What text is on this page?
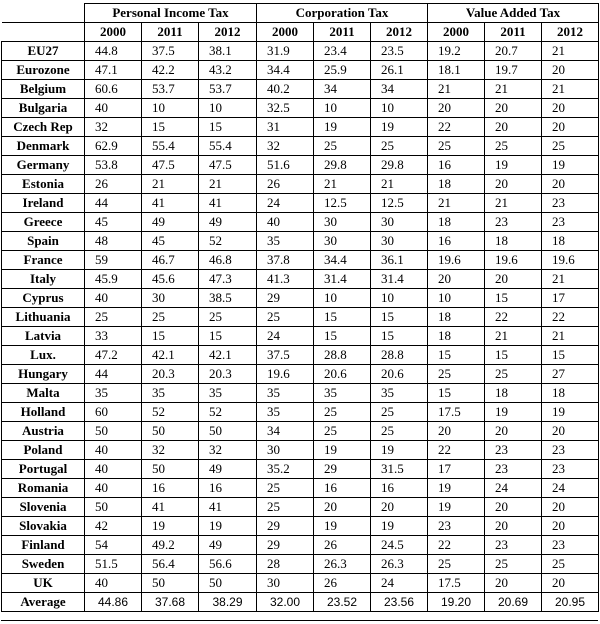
	Personal Income Tax			Corporation Tax			Value Added Tax		
	2000	2011	2012	2000	2011	2012	2000	2011	2012
EU27	44.8	37.5	38.1	31.9	23.4	23.5	19.2	20.7	21
Eurozone	47.1	42.2	43.2	34.4	25.9	26.1	18.1	19.7	20
Belgium	60.6	53.7	53.7	40.2	34	34	21	21	21
Bulgaria	40	10	10	32.5	10	10	20	20	20
Czech Rep	32	15	15	31	19	19	22	20	20
Denmark	62.9	55.4	55.4	32	25	25	25	25	25
Germany	53.8	47.5	47.5	51.6	29.8	29.8	16	19	19
Estonia	26	21	21	26	21	21	18	20	20
Ireland	44	41	41	24	12.5	12.5	21	21	23
Greece	45	49	49	40	30	30	18	23	23
Spain	48	45	52	35	30	30	16	18	18
France	59	46.7	46.8	37.8	34.4	36.1	19.6	19.6	19.6
Italy	45.9	45.6	47.3	41.3	31.4	31.4	20	20	21
Cyprus	40	30	38.5	29	10	10	10	15	17
Lithuania	25	25	25	25	15	15	18	22	22
Latvia	33	15	15	24	15	15	18	21	21
Lux.	47.2	42.1	42.1	37.5	28.8	28.8	15	15	15
Hungary	44	20.3	20.3	19.6	20.6	20.6	25	25	27
Malta	35	35	35	35	35	35	15	18	18
Holland	60	52	52	35	25	25	17.5	19	19
Austria	50	50	50	34	25	25	20	20	20
Poland	40	32	32	30	19	19	22	23	23
Portugal	40	50	49	35.2	29	31.5	17	23	23
Romania	40	16	16	25	16	16	19	24	24
Slovenia	50	41	41	25	20	20	19	20	20
Slovakia	42	19	19	29	19	19	23	20	20
Finland	54	49.2	49	29	26	24.5	22	23	23
Sweden	51.5	56.4	56.6	28	26.3	26.3	25	25	25
UK	40	50	50	30	26	24	17.5	20	20
Average	44.86	37.68	38.29	32.00	23.52	23.56	19.20	20.69	20.95
